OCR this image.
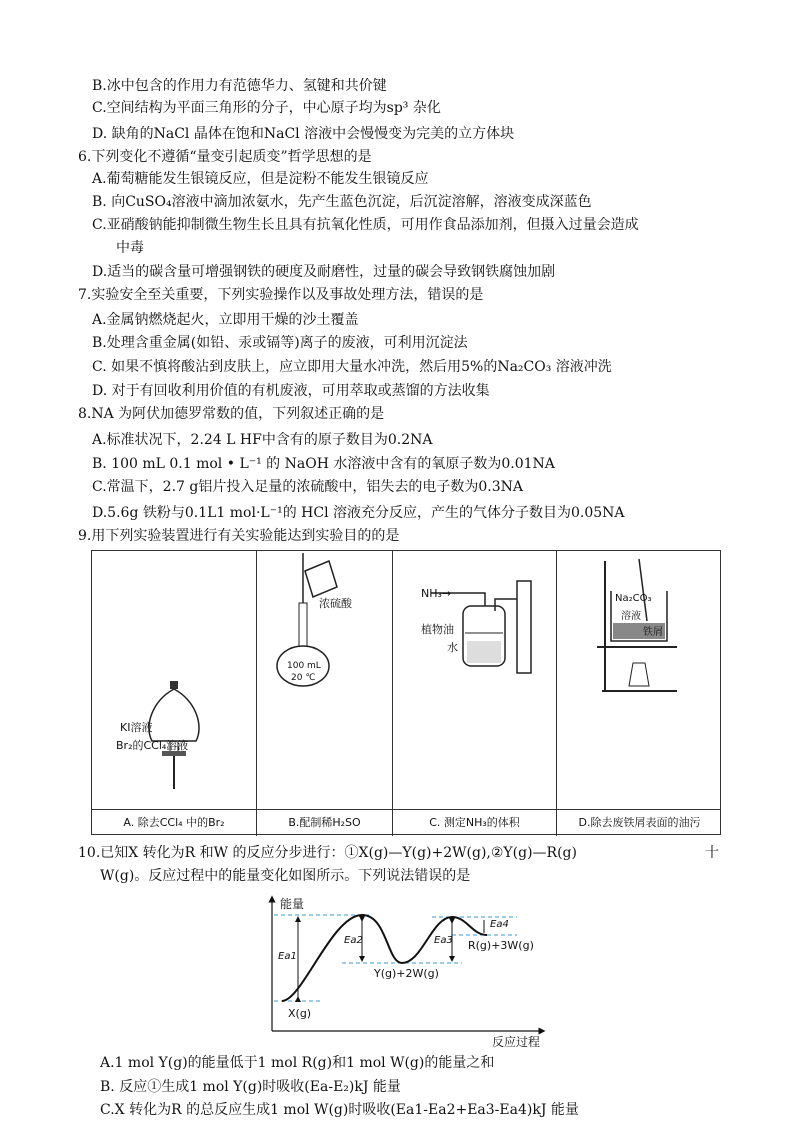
B.冰中包含的作用力有范德华力、氢键和共价键
C.空间结构为平面三角形的分子，中心原子均为sp³ 杂化
D. 缺角的NaCl 晶体在饱和NaCl 溶液中会慢慢变为完美的立方体块
6.下列变化不遵循“量变引起质变”哲学思想的是
A.葡萄糖能发生银镜反应，但是淀粉不能发生银镜反应
B. 向CuSO₄溶液中滴加浓氨水，先产生蓝色沉淀，后沉淀溶解，溶液变成深蓝色
C.亚硝酸钠能抑制微生物生长且具有抗氧化性质，可用作食品添加剂，但摄入过量会造成
中毒
D.适当的碳含量可增强钢铁的硬度及耐磨性，过量的碳会导致钢铁腐蚀加剧
7.实验安全至关重要，下列实验操作以及事故处理方法，错误的是
A.金属钠燃烧起火，立即用干燥的沙土覆盖
B.处理含重金属(如铅、汞或镉等)离子的废液，可利用沉淀法
C. 如果不慎将酸沾到皮肤上，应立即用大量水冲洗，然后用5%的Na₂CO₃ 溶液冲洗
D. 对于有回收利用价值的有机废液，可用萃取或蒸馏的方法收集
8.NA 为阿伏加德罗常数的值，下列叙述正确的是
A.标准状况下，2.24 L HF中含有的原子数目为0.2NA
B. 100 mL 0.1 mol • L⁻¹ 的 NaOH 水溶液中含有的氧原子数为0.01NA
C.常温下，2.7 g铝片投入足量的浓硫酸中，铝失去的电子数为0.3NA
D.5.6g 铁粉与0.1L1 mol·L⁻¹的 HCl 溶液充分反应，产生的气体分子数目为0.05NA
9.用下列实验装置进行有关实验能达到实验目的的是
KI溶液
Br₂的CCl₄溶液
浓硫酸
100 mL
20 ℃
NH₃→
植物油
水
Na₂CO₃
溶液
铁屑
A. 除去CCl₄ 中的Br₂	B.配制稀H₂SO	C. 测定NH₃的体积	D.除去废铁屑表面的油污
10.已知X 转化为R 和W 的反应分步进行：①X(g)—Y(g)+2W(g),②Y(g)—R(g)	十
W(g)。反应过程中的能量变化如图所示。下列说法错误的是
能量
反应过程
Ea1
Ea2	Ea3
Ea4
X(g)
Y(g)+2W(g)
R(g)+3W(g)
A.1 mol Y(g)的能量低于1 mol R(g)和1 mol W(g)的能量之和
B. 反应①生成1 mol Y(g)时吸收(Ea-E₂)kJ 能量
C.X 转化为R 的总反应生成1 mol W(g)时吸收(Ea1-Ea2+Ea3-Ea4)kJ 能量
